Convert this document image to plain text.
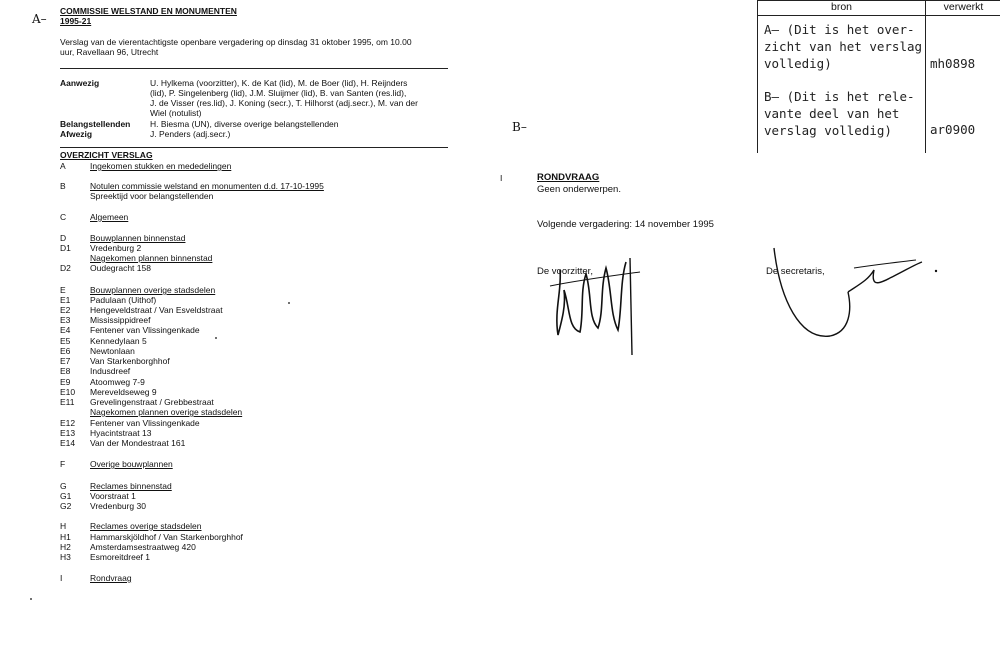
A–
COMMISSIE WELSTAND EN MONUMENTEN
1995-21
Verslag van de vierentachtigste openbare vergadering op dinsdag 31 oktober 1995, om 10.00
uur, Ravellaan 96, Utrecht
Aanwezig	U. Hylkema (voorzitter), K. de Kat (lid), M. de Boer (lid), H. Reijnders
(lid), P. Singelenberg (lid), J.M. Sluijmer (lid), B. van Santen (res.lid),
J. de Visser (res.lid), J. Koning (secr.), T. Hilhorst (adj.secr.), M. van der
Wiel (notulist)
Belangstellenden H. Biesma (UN), diverse overige belangstellenden
Afwezig	J. Penders (adj.secr.)
OVERZICHT VERSLAG
A	Ingekomen stukken en mededelingen
B	Notulen commissie welstand en monumenten d.d. 17-10-1995
Spreektijd voor belangstellenden
C	Algemeen
D	Bouwplannen binnenstad
D1 Vredenburg 2
Nagekomen plannen binnenstad
D2 Oudegracht 158
E	Bouwplannen overige stadsdelen
E1 Padulaan (Uithof)
E2 Hengeveldstraat / Van Esveldstraat
E3 Mississippidreef
E4 Fentener van Vlissingenkade
E5 Kennedylaan 5
E6 Newtonlaan
E7 Van Starkenborghhof
E8 Indusdreef
E9 Atoomweg 7-9
E10 Mereveldseweg 9
E11 Grevelingenstraat / Grebbestraat
Nagekomen plannen overige stadsdelen
E12 Fentener van Vlissingenkade
E13 Hyacintstraat 13
E14 Van der Mondestraat 161
F	Overige bouwplannen
G	Reclames binnenstad
G1 Voorstraat 1
G2 Vredenburg 30
H	Reclames overige stadsdelen
H1 Hammarskjöldhof / Van Starkenborghhof
H2 Amsterdamsestraatweg 420
H3 Esmoreitdreef 1
I	Rondvraag
B–
I	RONDVRAAG
Geen onderwerpen.
Volgende vergadering: 14 november 1995
De voorzitter,	De secretaris,
bron	verwerkt
A– (Dit is het over-
zicht van het verslag
volledig)	mh0898
B– (Dit is het rele-
vante deel van het
verslag volledig)	ar0900
